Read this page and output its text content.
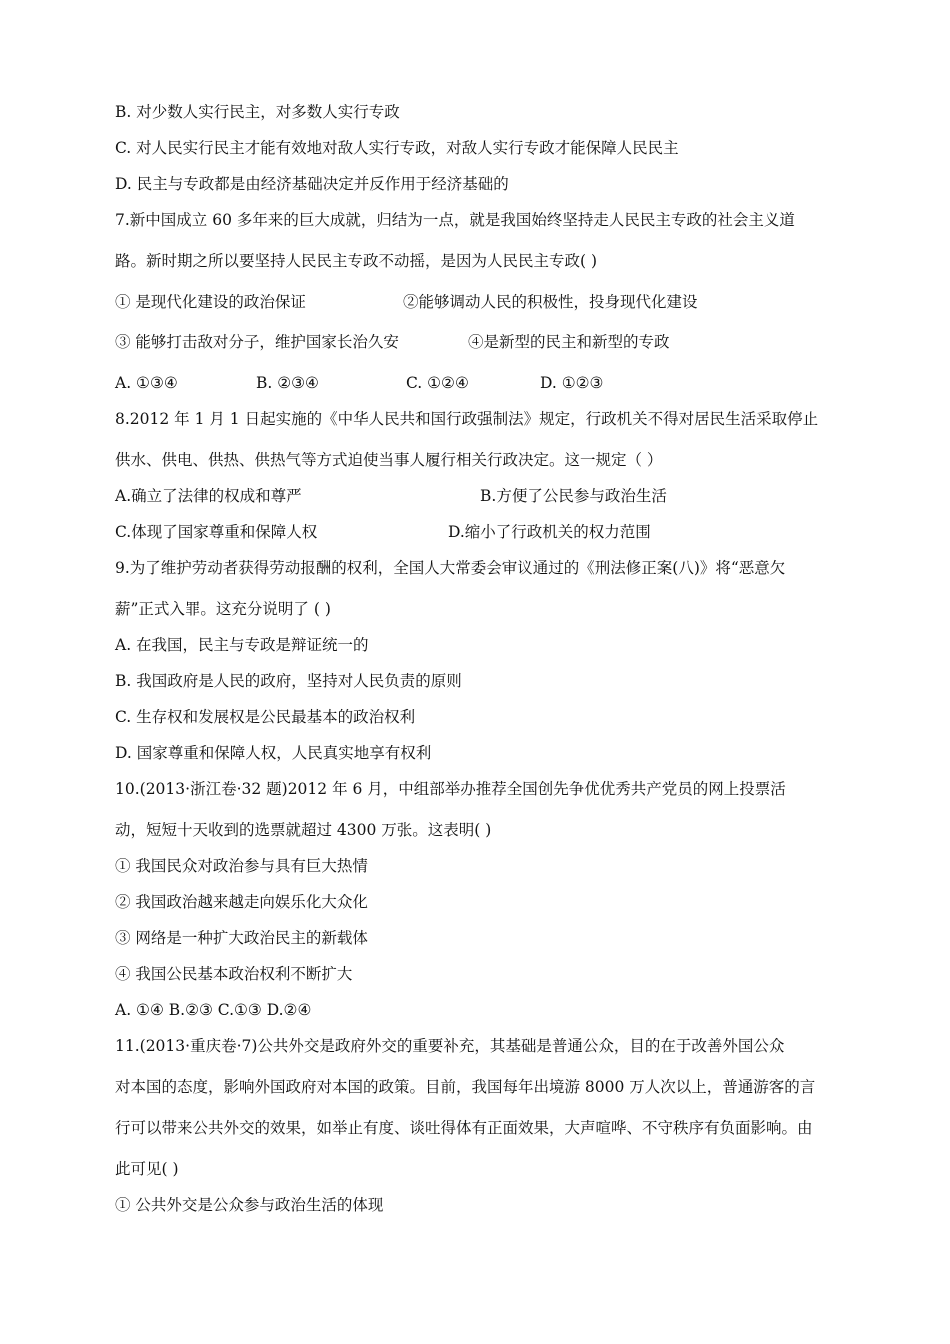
B. 对少数人实行民主，对多数人实行专政
C. 对人民实行民主才能有效地对敌人实行专政，对敌人实行专政才能保障人民民主
D. 民主与专政都是由经济基础决定并反作用于经济基础的
7.新中国成立 60 多年来的巨大成就，归结为一点，就是我国始终坚持走人民民主专政的社会主义道
路。新时期之所以要坚持人民民主专政不动摇，是因为人民民主专政( )
① 是现代化建设的政治保证	②能够调动人民的积极性，投身现代化建设
③ 能够打击敌对分子，维护国家长治久安	④是新型的民主和新型的专政
A. ①③④	B. ②③④	C. ①②④	D. ①②③
8.2012 年 1 月 1 日起实施的《中华人民共和国行政强制法》规定，行政机关不得对居民生活采取停止
供水、供电、供热、供热气等方式迫使当事人履行相关行政决定。这一规定（ ）
A.确立了法律的权成和尊严	B.方便了公民参与政治生活
C.体现了国家尊重和保障人权	D.缩小了行政机关的权力范围
9.为了维护劳动者获得劳动报酬的权利，全国人大常委会审议通过的《刑法修正案(八)》将“恶意欠
薪”正式入罪。这充分说明了 ( )
A. 在我国，民主与专政是辩证统一的
B. 我国政府是人民的政府，坚持对人民负责的原则
C. 生存权和发展权是公民最基本的政治权利
D. 国家尊重和保障人权，人民真实地享有权利
10.(2013·浙江卷·32 题)2012 年 6 月，中组部举办推荐全国创先争优优秀共产党员的网上投票活
动，短短十天收到的选票就超过 4300 万张。这表明( )
① 我国民众对政治参与具有巨大热情
② 我国政治越来越走向娱乐化大众化
③ 网络是一种扩大政治民主的新载体
④ 我国公民基本政治权利不断扩大
A. ①④ B.②③ C.①③ D.②④
11.(2013·重庆卷·7)公共外交是政府外交的重要补充，其基础是普通公众，目的在于改善外国公众
对本国的态度，影响外国政府对本国的政策。目前，我国每年出境游 8000 万人次以上，普通游客的言
行可以带来公共外交的效果，如举止有度、谈吐得体有正面效果，大声喧哗、不守秩序有负面影响。由
此可见( )
① 公共外交是公众参与政治生活的体现
